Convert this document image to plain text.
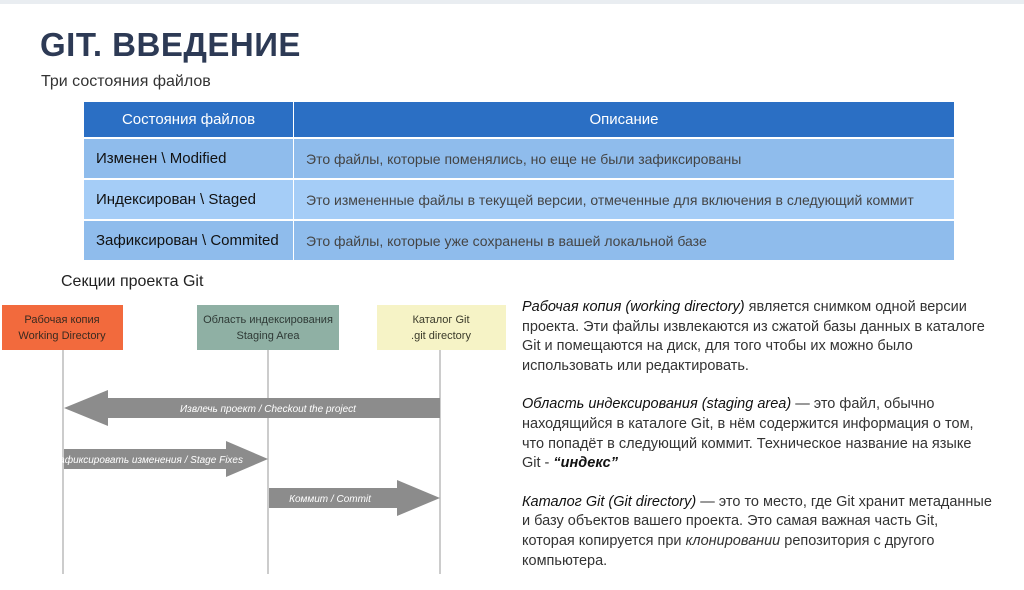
GIT. ВВЕДЕНИЕ
Три состояния файлов
Состояния файлов	Описание
Изменен \ Modified	Это файлы, которые поменялись, но еще не были зафиксированы
Индексирован \ Staged	Это измененные файлы в текущей версии, отмеченные для включения в следующий коммит
Зафиксирован \ Commited	Это файлы, которые уже сохранены в вашей локальной базе
Секции проекта Git
Рабочая копия
Working Directory
Область индексирования
Staging Area
Каталог Git
.git directory
Извлечь проект / Checkout the project
Зафиксировать изменения / Stage Fixes
Коммит / Commit

Рабочая копия (working directory) является снимком одной версии проекта. Эти файлы извлекаются из сжатой базы данных в каталоге Git и помещаются на диск, для того чтобы их можно было использовать или редактировать.

Область индексирования (staging area) — это файл, обычно находящийся в каталоге Git, в нём содержится информация о том, что попадёт в следующий коммит. Техническое название на языке Git - “индекс”

Каталог Git (Git directory) — это то место, где Git хранит метаданные и базу объектов вашего проекта. Это самая важная часть Git, которая копируется при клонировании репозитория с другого компьютера.
